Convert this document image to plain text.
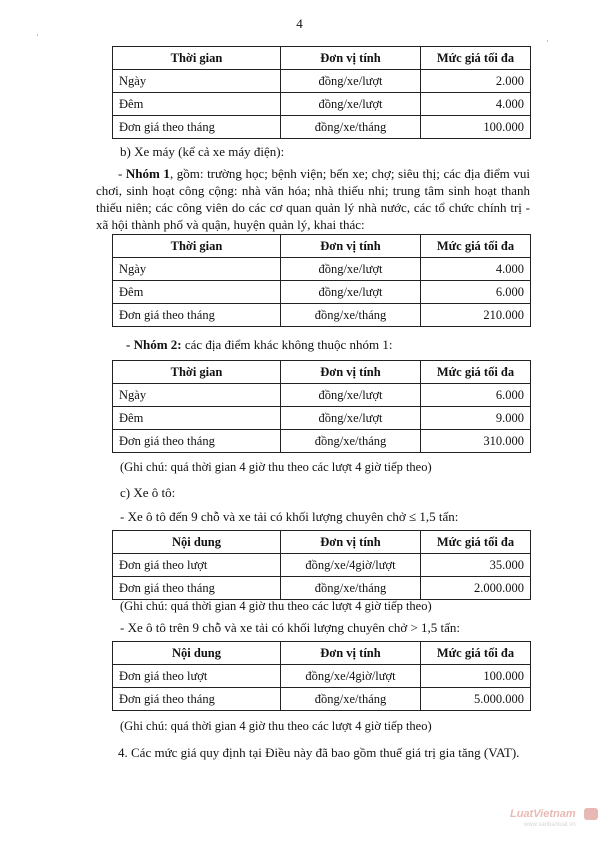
4
·
·
Thời gian	Đơn vị tính	Mức giá tối đa
Ngày	đồng/xe/lượt	2.000
Đêm	đồng/xe/lượt	4.000
Đơn giá theo tháng	đồng/xe/tháng	100.000
b) Xe máy (kể cả xe máy điện):
- Nhóm 1, gồm: trường học; bệnh viện; bến xe; chợ; siêu thị; các địa điểm vui chơi, sinh hoạt công cộng: nhà văn hóa; nhà thiếu nhi; trung tâm sinh hoạt thanh thiếu niên; các công viên do các cơ quan quản lý nhà nước, các tổ chức chính trị - xã hội thành phố và quận, huyện quản lý, khai thác:
Thời gian	Đơn vị tính	Mức giá tối đa
Ngày	đồng/xe/lượt	4.000
Đêm	đồng/xe/lượt	6.000
Đơn giá theo tháng	đồng/xe/tháng	210.000
- Nhóm 2: các địa điểm khác không thuộc nhóm 1:
Thời gian	Đơn vị tính	Mức giá tối đa
Ngày	đồng/xe/lượt	6.000
Đêm	đồng/xe/lượt	9.000
Đơn giá theo tháng	đồng/xe/tháng	310.000
(Ghi chú: quá thời gian 4 giờ thu theo các lượt 4 giờ tiếp theo)
c) Xe ô tô:
- Xe ô tô đến 9 chỗ và xe tải có khối lượng chuyên chở ≤ 1,5 tấn:
Nội dung	Đơn vị tính	Mức giá tối đa
Đơn giá theo lượt	đồng/xe/4giờ/lượt	35.000
Đơn giá theo tháng	đồng/xe/tháng	2.000.000
(Ghi chú: quá thời gian 4 giờ thu theo các lượt 4 giờ tiếp theo)
- Xe ô tô trên 9 chỗ và xe tải có khối lượng chuyên chở > 1,5 tấn:
Nội dung	Đơn vị tính	Mức giá tối đa
Đơn giá theo lượt	đồng/xe/4giờ/lượt	100.000
Đơn giá theo tháng	đồng/xe/tháng	5.000.000
(Ghi chú: quá thời gian 4 giờ thu theo các lượt 4 giờ tiếp theo)
4. Các mức giá quy định tại Điều này đã bao gồm thuế giá trị gia tăng (VAT).
LuatVietnam
www.vanbanluat.vn
